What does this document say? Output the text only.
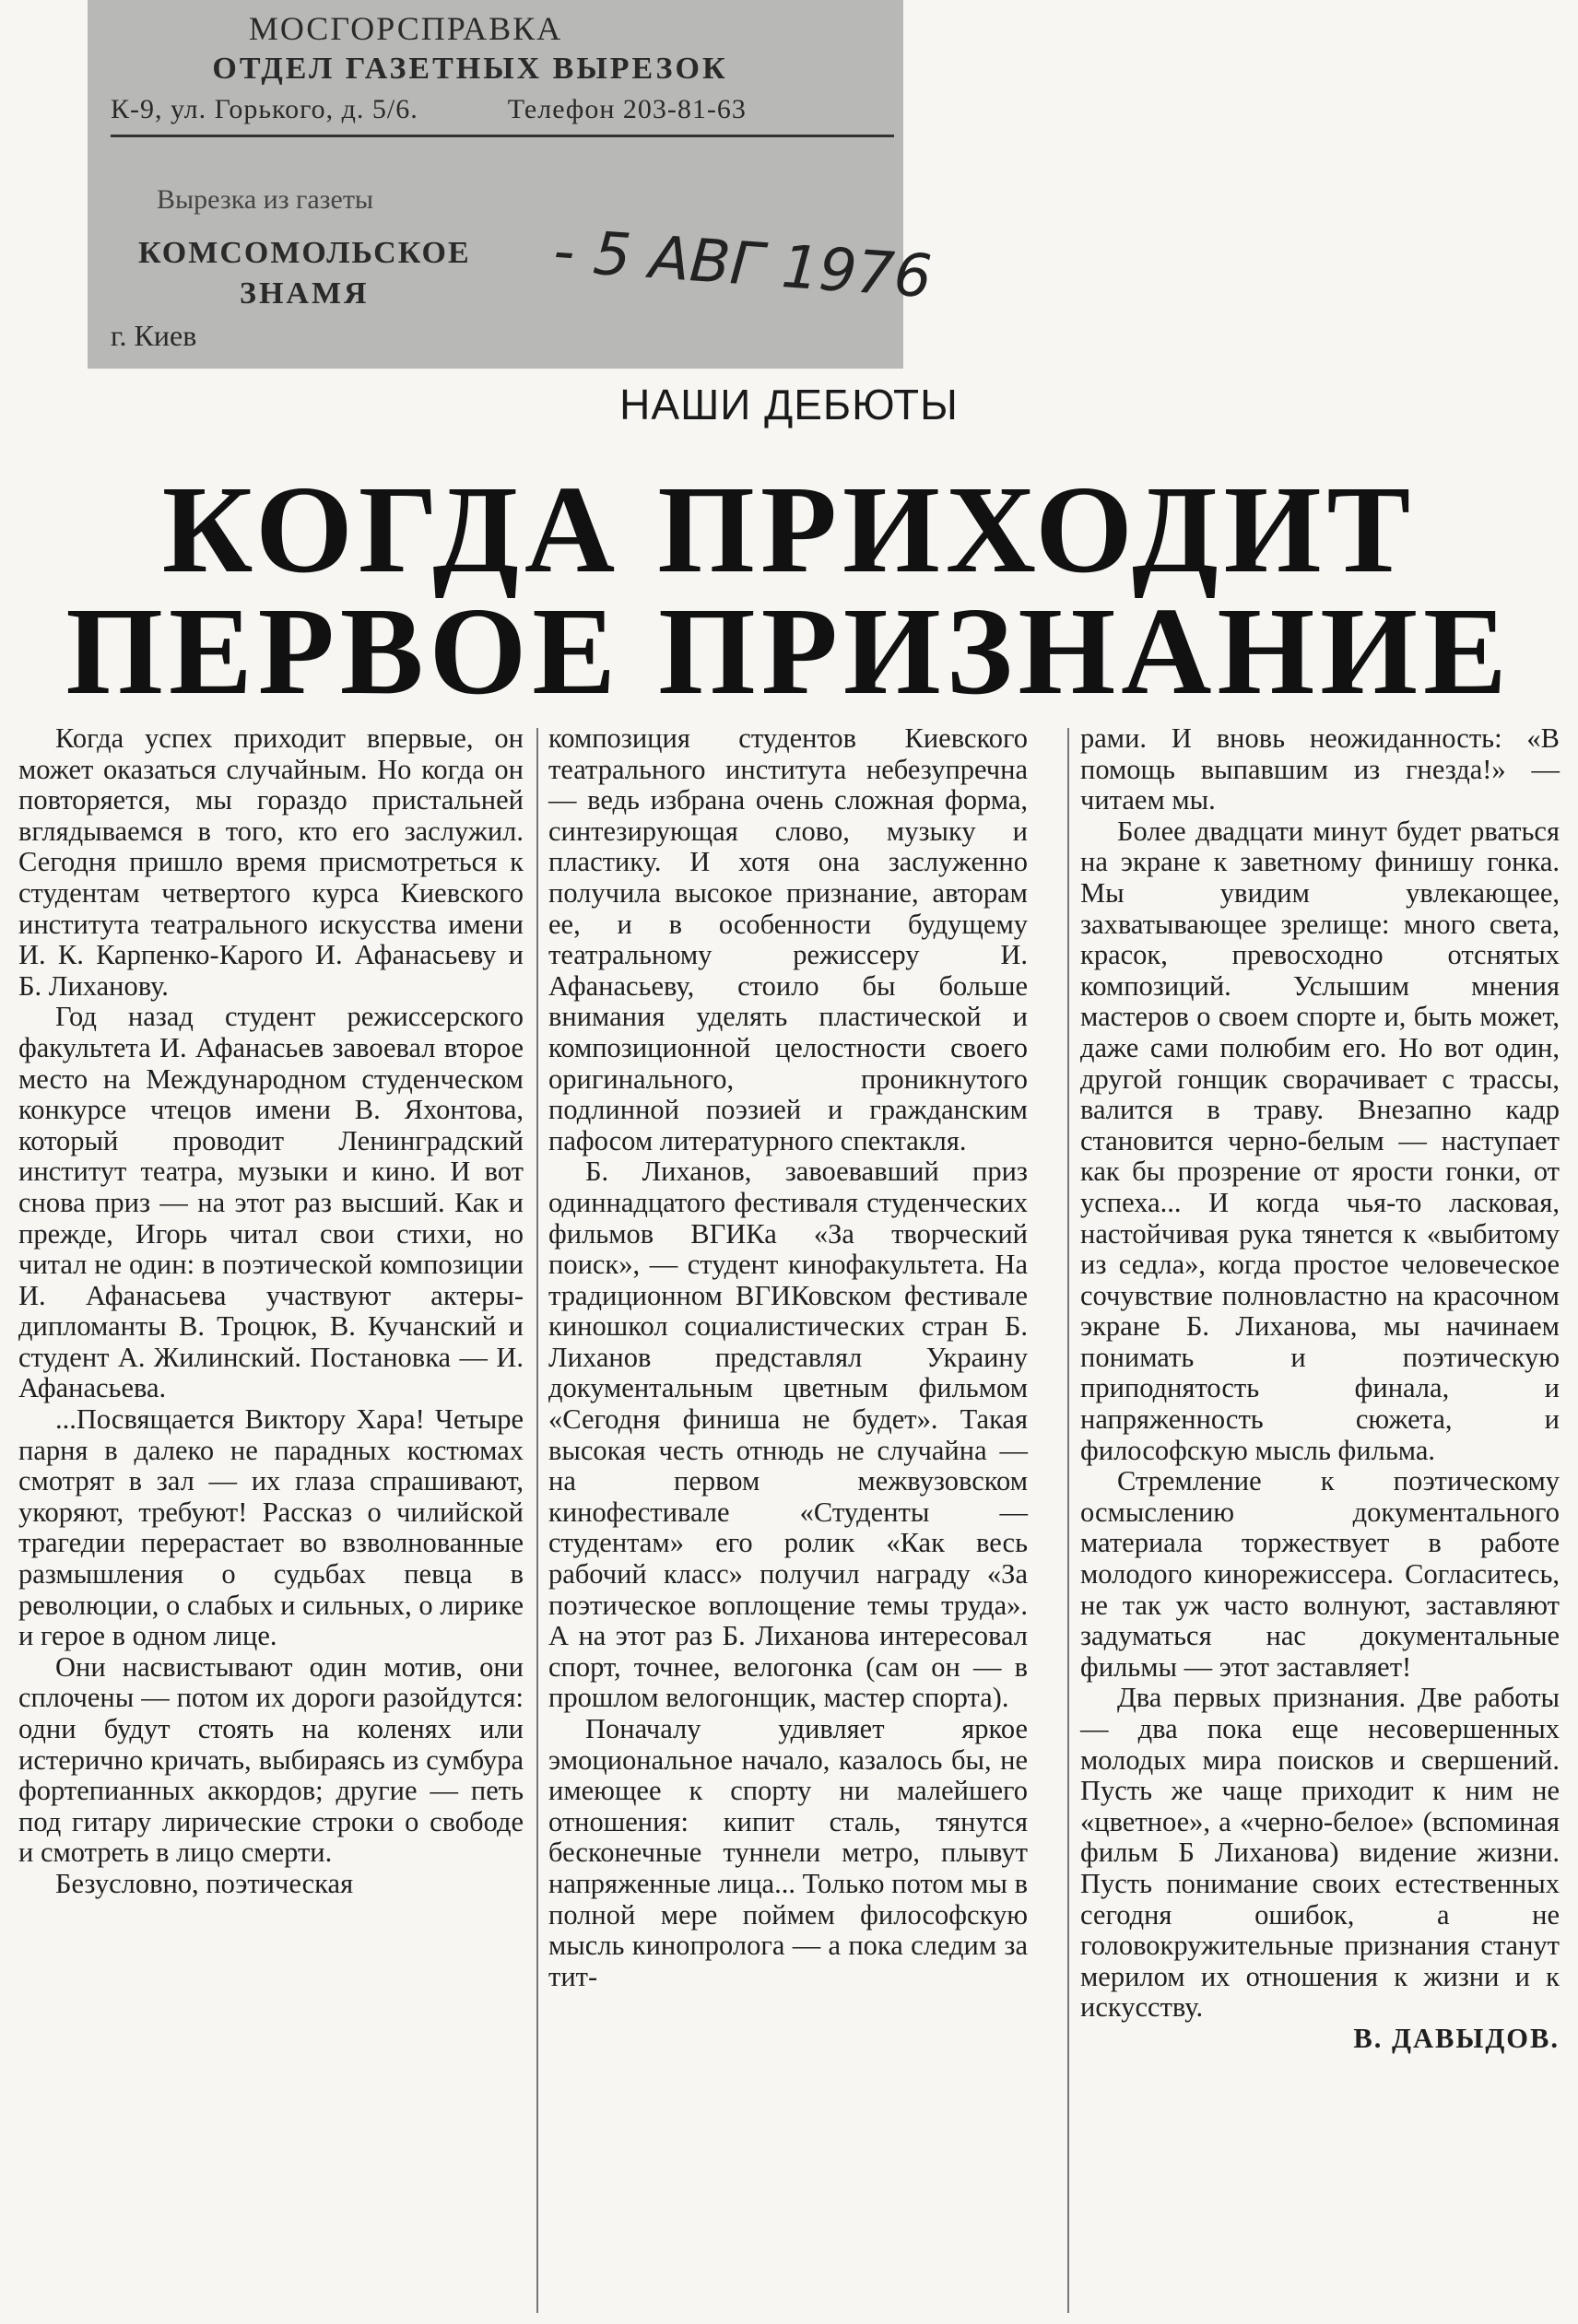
МОСГОРСПРАВКА
ОТДЕЛ ГАЗЕТНЫХ ВЫРЕЗОК
К-9, ул. Горького, д. 5/6.	Телефон 203-81-63
Вырезка из газеты
КОМСОМОЛЬСКОЕ
ЗНАМЯ
г. Киев
- 5 АВГ 1976
НАШИ ДЕБЮТЫ
КОГДА ПРИХОДИТ
ПЕРВОЕ ПРИЗНАНИЕ

Когда успех приходит впервые, он может оказаться случайным. Но когда он повторяется, мы гораздо пристальней вглядываемся в того, кто его заслужил. Сегодня пришло время присмотреться к студентам четвертого курса Киевского института театрального искусства имени И. К. Карпенко-Карого И. Афанасьеву и Б. Лиханову.

Год назад студент режиссерского факультета И. Афанасьев завоевал второе место на Международном студенческом конкурсе чтецов имени В. Яхонтова, который проводит Ленинградский институт театра, музыки и кино. И вот снова приз — на этот раз высший. Как и прежде, Игорь читал свои стихи, но читал не один: в поэтической композиции И. Афанасьева участвуют актеры-дипломанты В. Троцюк, В. Кучанский и студент А. Жилинский. Постановка — И. Афанасьева.

...Посвящается Виктору Хара! Четыре парня в далеко не парадных костюмах смотрят в зал — их глаза спрашивают, укоряют, требуют! Рассказ о чилийской трагедии перерастает во взволнованные размышления о судьбах певца в революции, о слабых и сильных, о лирике и герое в одном лице.

Они насвистывают один мотив, они сплочены — потом их дороги разойдутся: одни будут стоять на коленях или истерично кричать, выбираясь из сумбура фортепианных аккордов; другие — петь под гитару лирические строки о свободе и смотреть в лицо смерти.

Безусловно, поэтическая

композиция студентов Киевского театрального института небезупречна — ведь избрана очень сложная форма, синтезирующая слово, музыку и пластику. И хотя она заслуженно получила высокое признание, авторам ее, и в особенности будущему театральному режиссеру И. Афанасьеву, стоило бы больше внимания уделять пластической и композиционной целостности своего оригинального, проникнутого подлинной поэзией и гражданским пафосом литературного спектакля.

Б. Лиханов, завоевавший приз одиннадцатого фестиваля студенческих фильмов ВГИКа «За творческий поиск», — студент кинофакультета. На традиционном ВГИКовском фестивале киношкол социалистических стран Б. Лиханов представлял Украину документальным цветным фильмом «Сегодня финиша не будет». Такая высокая честь отнюдь не случайна — на первом межвузовском кинофестивале «Студенты — студентам» его ролик «Как весь рабочий класс» получил награду «За поэтическое воплощение темы труда». А на этот раз Б. Лиханова интересовал спорт, точнее, велогонка (сам он — в прошлом велогонщик, мастер спорта).

Поначалу удивляет яркое эмоциональное начало, казалось бы, не имеющее к спорту ни малейшего отношения: кипит сталь, тянутся бесконечные туннели метро, плывут напряженные лица... Только потом мы в полной мере поймем философскую мысль кинопролога — а пока следим за тит-

рами. И вновь неожиданность: «В помощь выпавшим из гнезда!» — читаем мы.

Более двадцати минут будет рваться на экране к заветному финишу гонка. Мы увидим увлекающее, захватывающее зрелище: много света, красок, превосходно отснятых композиций. Услышим мнения мастеров о своем спорте и, быть может, даже сами полюбим его. Но вот один, другой гонщик сворачивает с трассы, валится в траву. Внезапно кадр становится черно-белым — наступает как бы прозрение от ярости гонки, от успеха... И когда чья-то ласковая, настойчивая рука тянется к «выбитому из седла», когда простое человеческое сочувствие полновластно на красочном экране Б. Лиханова, мы начинаем понимать и поэтическую приподнятость финала, и напряженность сюжета, и философскую мысль фильма.

Стремление к поэтическому осмыслению документального материала торжествует в работе молодого кинорежиссера. Согласитесь, не так уж часто волнуют, заставляют задуматься нас документальные фильмы — этот заставляет!

Два первых признания. Две работы — два пока еще несовершенных молодых мира поисков и свершений. Пусть же чаще приходит к ним не «цветное», а «черно-белое» (вспоминая фильм Б Лиханова) видение жизни. Пусть понимание своих естественных сегодня ошибок, а не головокружительные признания станут мерилом их отношения к жизни и к искусству.

В. ДАВЫДОВ.
